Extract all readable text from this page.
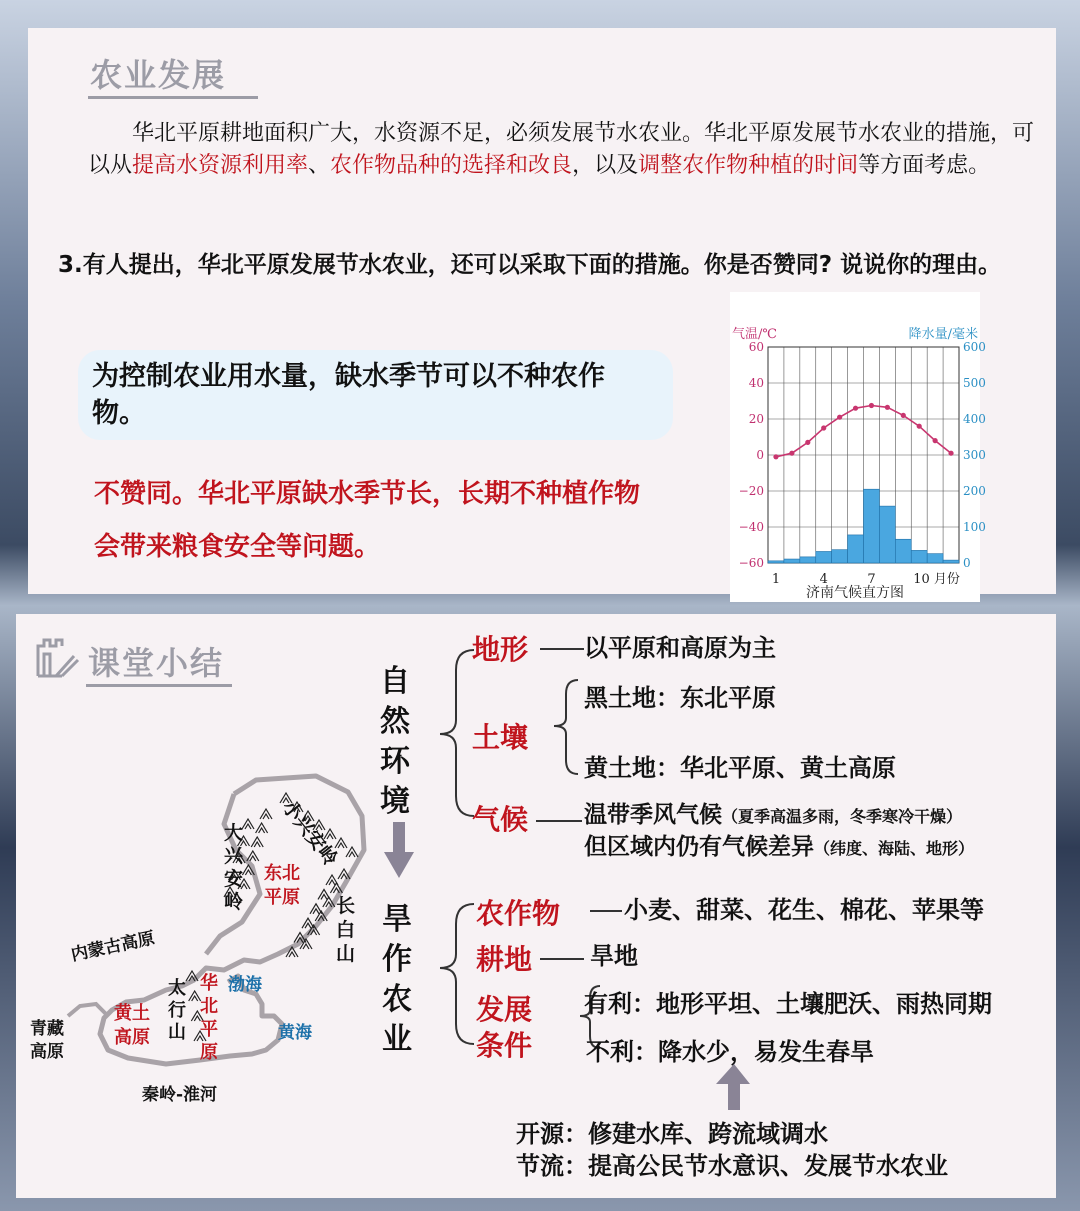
农业发展
华北平原耕地面积广大，水资源不足，必须发展节水农业。华北平原发展节水农业的措施，可以从提高水资源利用率、农作物品种的选择和改良，以及调整农作物种植的时间等方面考虑。
3.有人提出，华北平原发展节水农业，还可以采取下面的措施。你是否赞同? 说说你的理由。
为控制农业用水量，缺水季节可以不种农作物。
不赞同。华北平原缺水季节长，长期不种植作物会带来粮食安全等问题。
气温/℃	降水量/毫米
60
40
20
0
−20
−40
−60
600
500
400
300
200
100
0
1	4	7	10 月份
济南气候直方图
课堂小结
小兴安岭
大兴安岭
东北平原 长白山
内蒙古高原
黄土高原
太行山
华北平原
渤海
黄海
青藏高原
秦岭-淮河
自然环境
旱作农业
地形 以平原和高原为主
土壤
黑土地：东北平原
黄土地：华北平原、黄土高原
气候 温带季风气候（夏季高温多雨，冬季寒冷干燥）
但区域内仍有气候差异（纬度、海陆、地形）
农作物	小麦、甜菜、花生、棉花、苹果等
耕地 旱地
发展
条件
有利：地形平坦、土壤肥沃、雨热同期
不利：降水少，易发生春旱
开源：修建水库、跨流域调水
节流：提高公民节水意识、发展节水农业
